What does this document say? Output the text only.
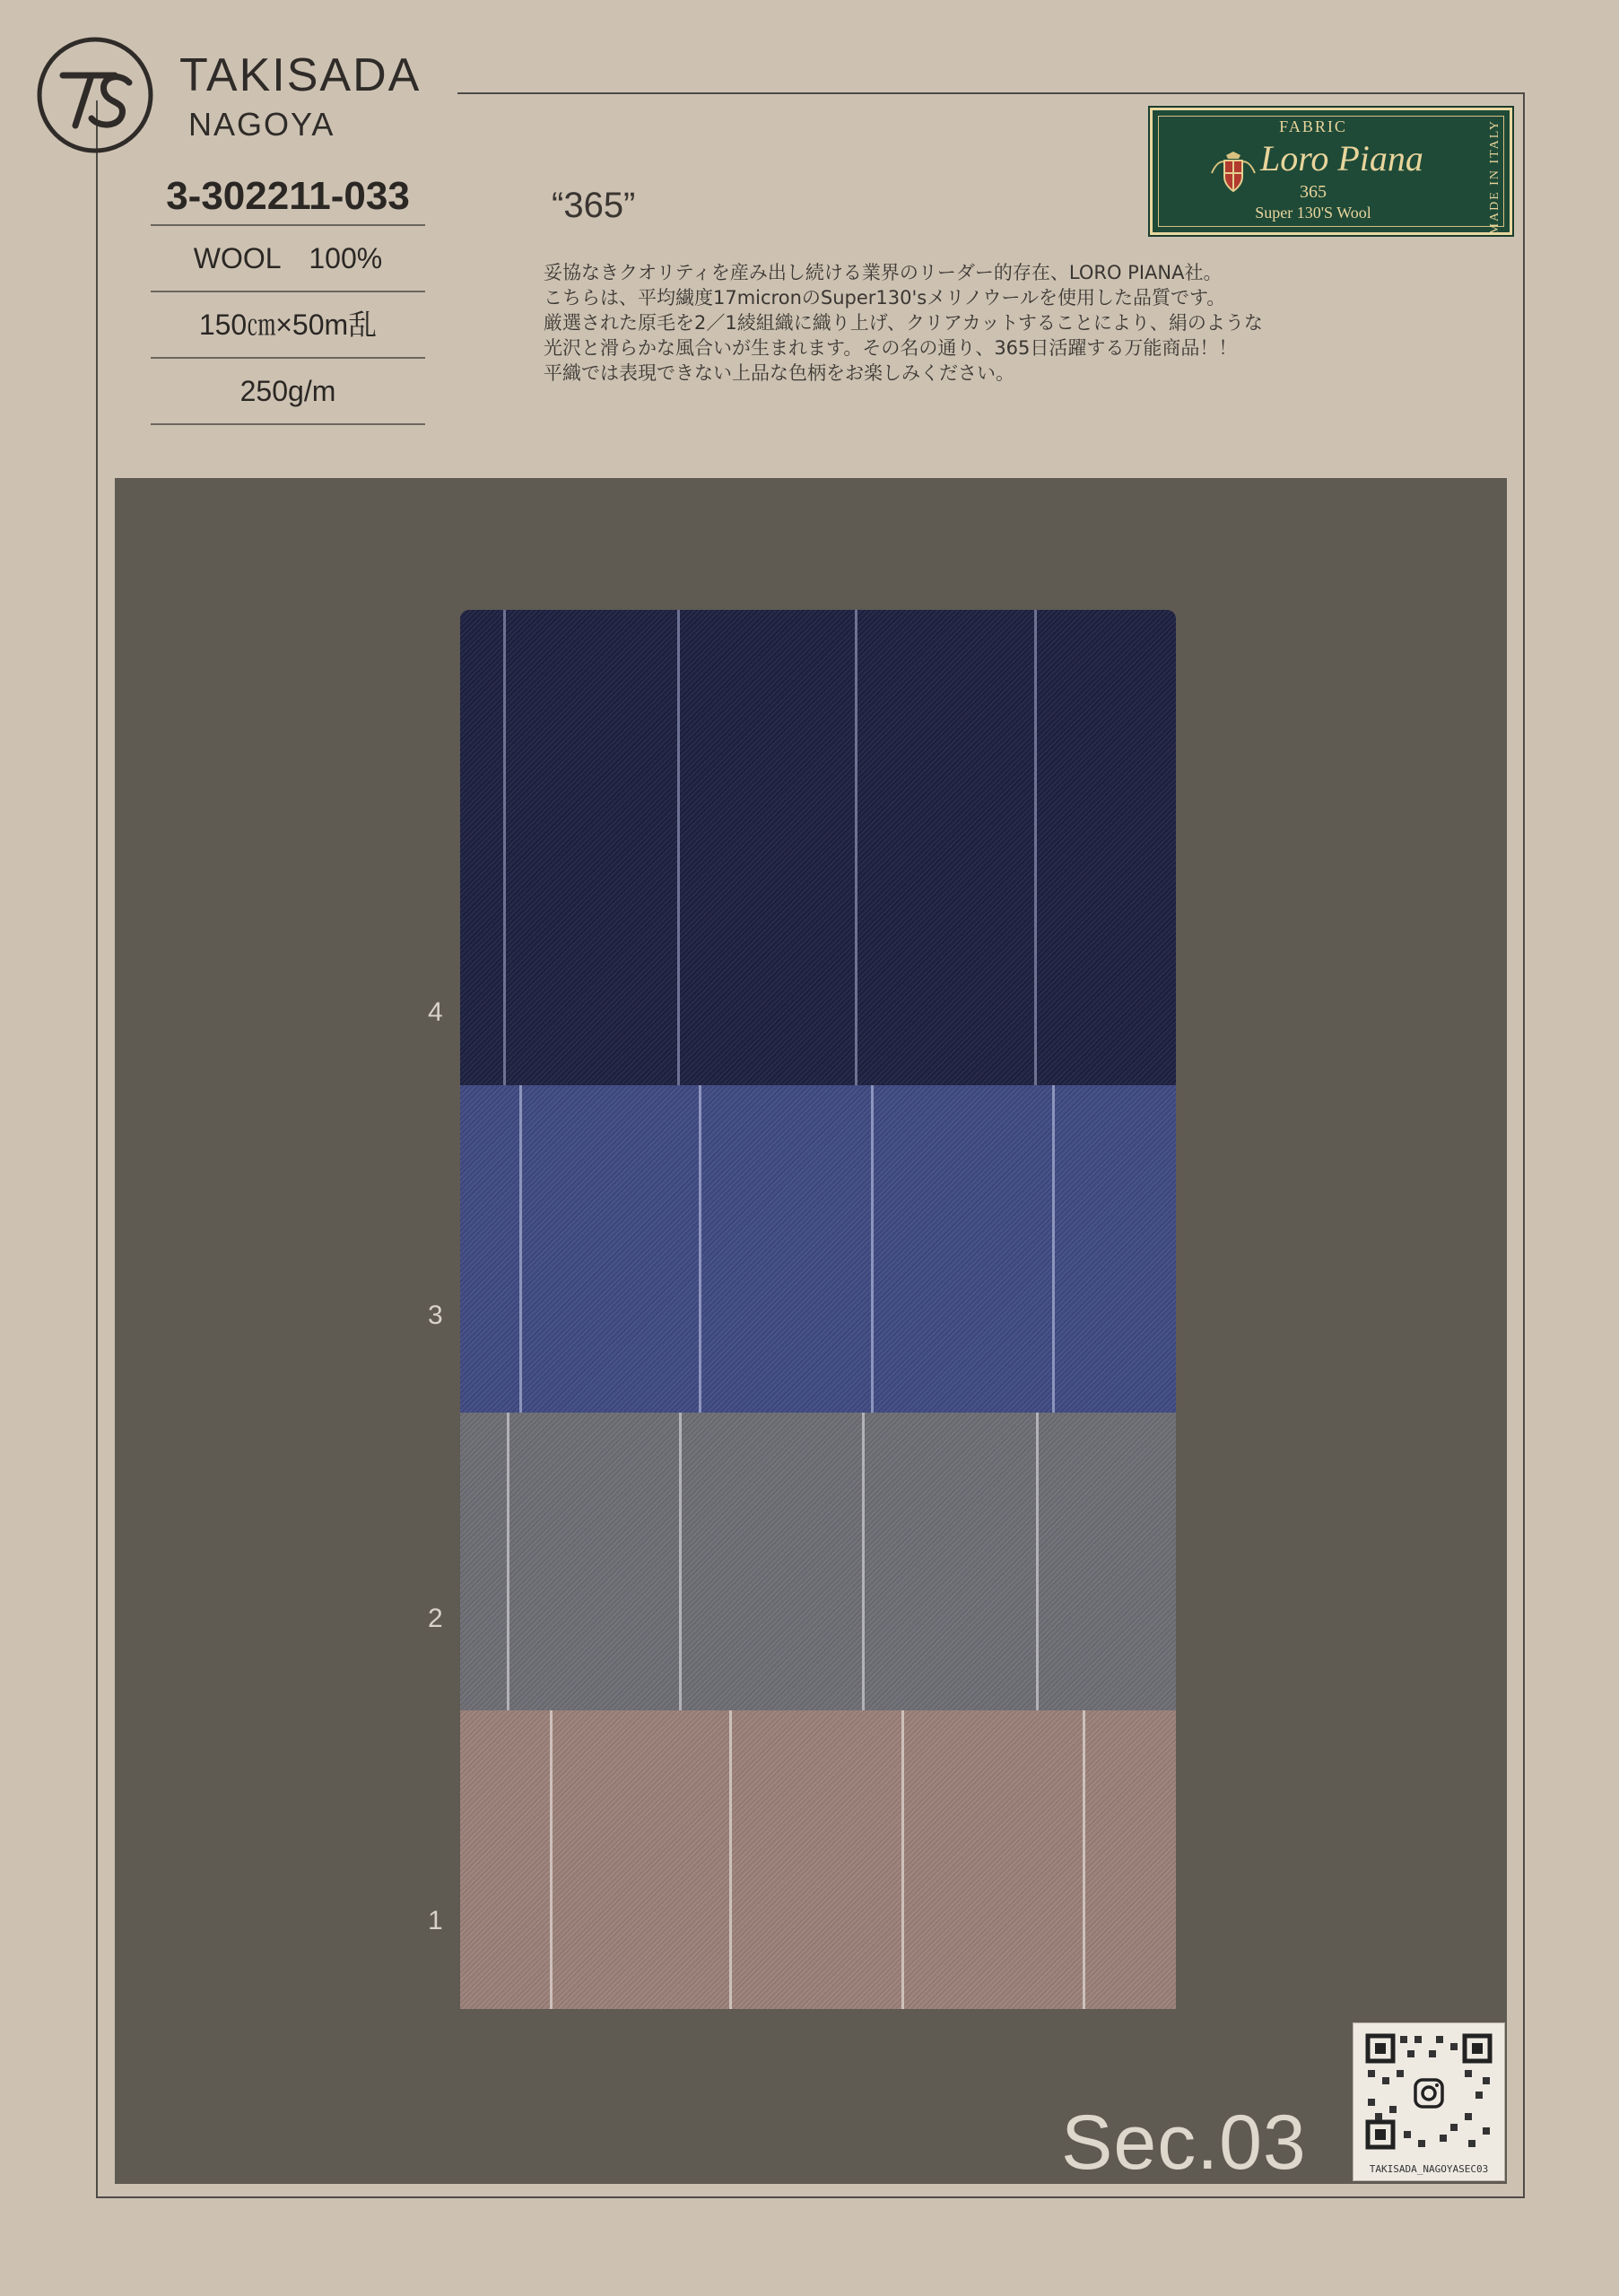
TAKISADA
NAGOYA
3-302211-033
WOOL　100%
150㎝×50m乱
250g/m
“365”
妥協なきクオリティを産み出し続ける業界のリーダー的存在、LORO PIANA社。
こちらは、平均繊度17micronのSuper130'sメリノウールを使用した品質です。
厳選された原毛を2／1綾組織に織り上げ、クリアカットすることにより、絹のような
光沢と滑らかな風合いが生まれます。その名の通り、365日活躍する万能商品！！
平織では表現できない上品な色柄をお楽しみください。
FABRIC
Loro Piana
365
Super 130'S Wool	MADE IN ITALY
4
3
2
1
Sec.03	TAKISADA_NAGOYASEC03
